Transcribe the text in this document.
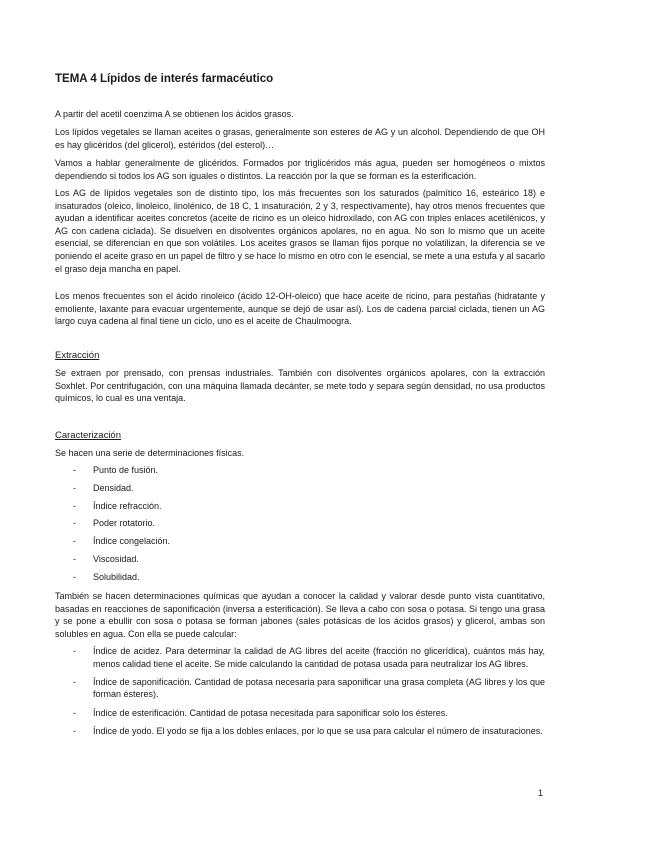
TEMA 4 Lípidos de interés farmacéutico

A partir del acetil coenzima A se obtienen los ácidos grasos.

Los lípidos vegetales se llaman aceites o grasas, generalmente son esteres de AG y un alcohol. Dependiendo de que OH es hay glicéridos (del glicerol), estéridos (del esterol)…

Vamos a hablar generalmente de glicéridos. Formados por triglicéridos más agua, pueden ser homogéneos o mixtos dependiendo si todos los AG son iguales o distintos. La reacción por la que se forman es la esterificación.

Los AG de lípidos vegetales son de distinto tipo, los más frecuentes son los saturados (palmítico 16, esteárico 18) e insaturados (oleico, linoleico, linolénico, de 18 C, 1 insaturación, 2 y 3, respectivamente), hay otros menos frecuentes que ayudan a identificar aceites concretos (aceite de ricino es un oleico hidroxilado, con AG con triples enlaces acetilénicos, y AG con cadena ciclada). Se disuelven en disolventes orgánicos apolares, no en agua. No son lo mismo que un aceite esencial, se diferencian en que son volátiles. Los aceites grasos se llaman fijos porque no volatilizan, la diferencia se ve poniendo el aceite graso en un papel de filtro y se hace lo mismo en otro con le esencial, se mete a una estufa y al sacarlo el graso deja mancha en papel.

Los menos frecuentes son el ácido rinoleico (ácido 12-OH-oleico) que hace aceite de ricino, para pestañas (hidratante y emoliente, laxante para evacuar urgentemente, aunque se dejó de usar así). Los de cadena parcial ciclada, tienen un AG largo cuya cadena al final tiene un ciclo, uno es el aceite de Chaulmoogra.

Extracción

Se extraen por prensado, con prensas industriales. También con disolventes orgánicos apolares, con la extracción Soxhlet. Por centrifugación, con una máquina llamada decánter, se mete todo y separa según densidad, no usa productos químicos, lo cual es una ventaja.

Caracterización

Se hacen una serie de determinaciones físicas.

- Punto de fusión.
- Densidad.
- Índice refracción.
- Poder rotatorio.
- Índice congelación.
- Viscosidad.
- Solubilidad.

También se hacen determinaciones químicas que ayudan a conocer la calidad y valorar desde punto vista cuantitativo, basadas en reacciones de saponificación (inversa a esterificación). Se lleva a cabo con sosa o potasa. Si tengo una grasa y se pone a ebullir con sosa o potasa se forman jabones (sales potásicas de los ácidos grasos) y glicerol, ambas son solubles en agua. Con ella se puede calcular:

- Índice de acidez. Para determinar la calidad de AG libres del aceite (fracción no glicerídica), cuántos más hay, menos calidad tiene el aceite. Se mide calculando la cantidad de potasa usada para neutralizar los AG libres.
- Índice de saponificación. Cantidad de potasa necesaria para saponificar una grasa completa (AG libres y los que forman ésteres).
- Índice de esterificación. Cantidad de potasa necesitada para saponificar solo los ésteres.
- Índice de yodo. El yodo se fija a los dobles enlaces, por lo que se usa para calcular el número de insaturaciones.
1
